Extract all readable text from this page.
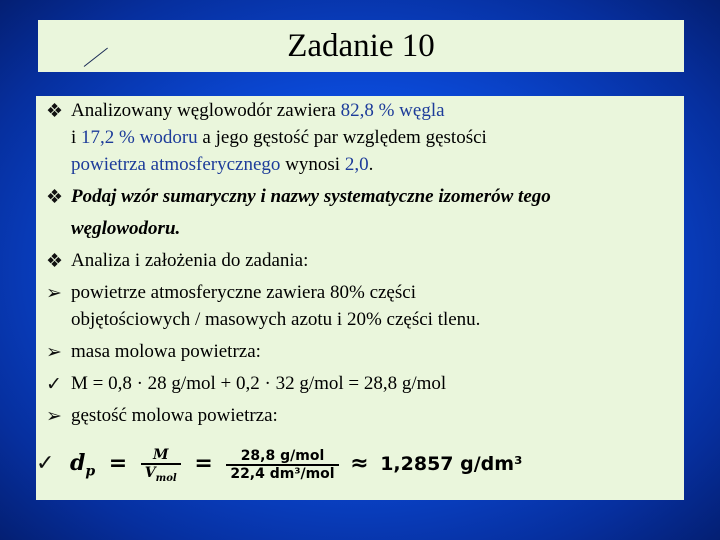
Zadanie 10
❖ Analizowany węglowodór zawiera 82,8 % węgla
i 17,2 % wodoru a jego gęstość par względem gęstości
powietrza atmosferycznego wynosi 2,0.
❖ Podaj wzór sumaryczny i nazwy systematyczne izomerów tego
węglowodoru.
❖ Analiza i założenia do zadania:
➢ powietrze atmosferyczne zawiera 80% części
objętościowych / masowych azotu i 20% części tlenu.
➢ masa molowa powietrza:
✓ M = 0,8 · 28 g/mol + 0,2 · 32 g/mol = 28,8 g/mol
➢ gęstość molowa powietrza:
✓ $d_p = \frac{M}{V_{mol}} = \frac{\text{28,8 g/mol}}{\text{22,4 dm³/mol}} \approx 1,2857$ g/dm³
